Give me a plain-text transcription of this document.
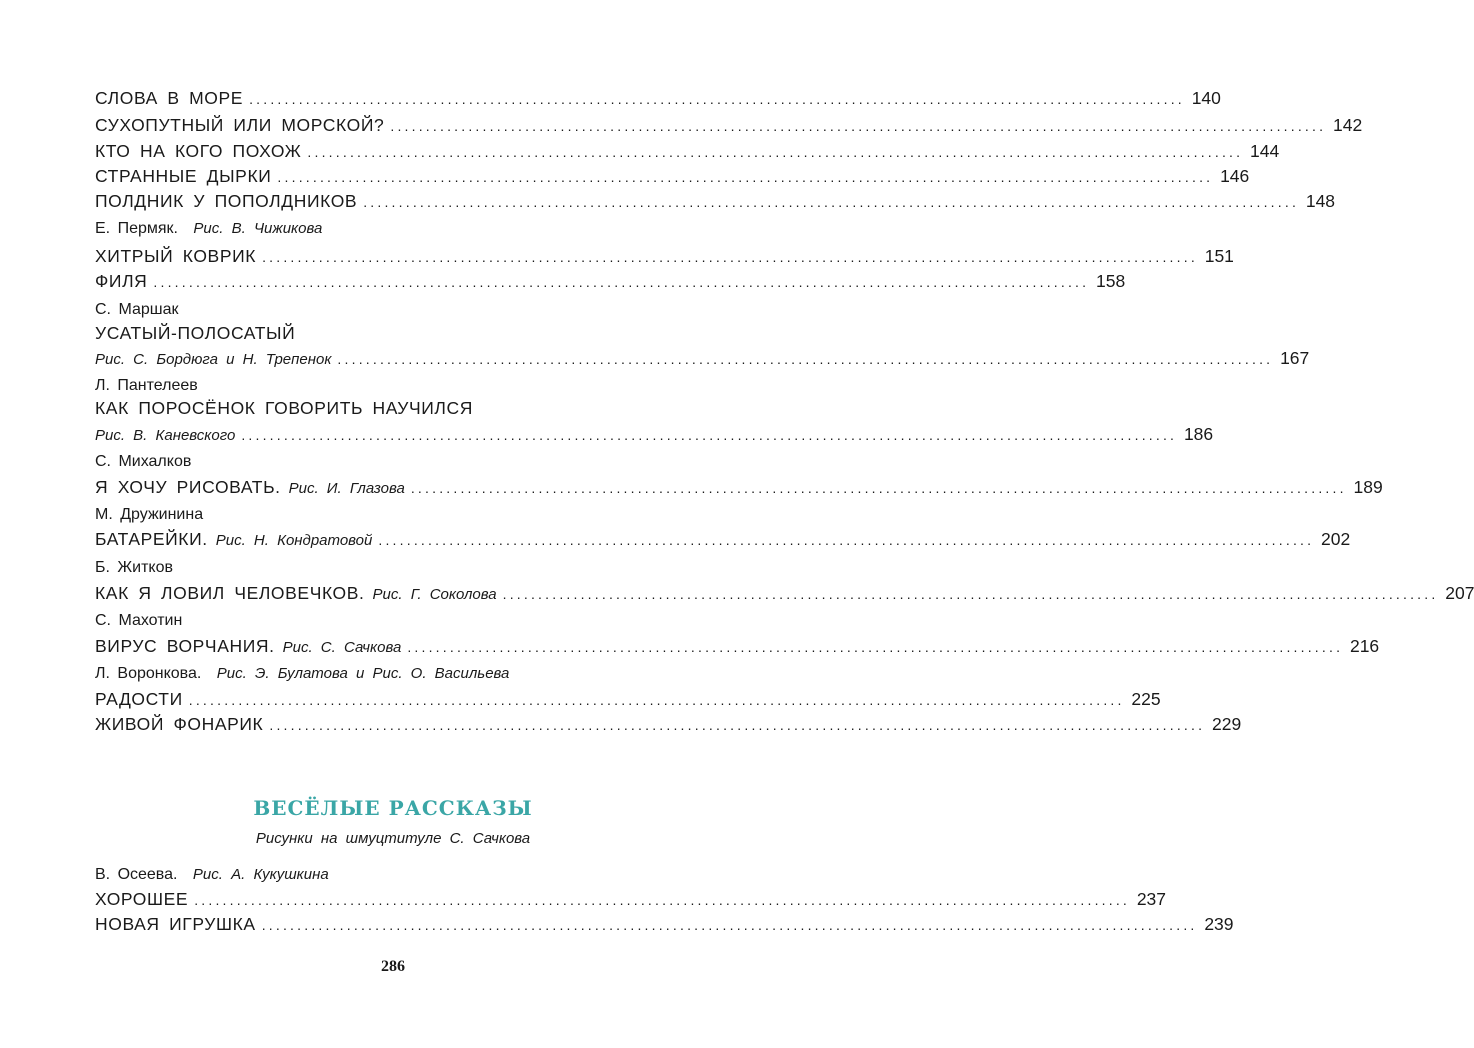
СЛОВА В МОРЕ .................................................................................................................................... 140
СУХОПУТНЫЙ ИЛИ МОРСКОЙ? .................................................................................................................................... 142
КТО НА КОГО ПОХОЖ .................................................................................................................................... 144
СТРАННЫЕ ДЫРКИ .................................................................................................................................... 146
ПОЛДНИК У ПОПОЛДНИКОВ .................................................................................................................................... 148
Е. Пермяк. Рис. В. Чижикова
ХИТРЫЙ КОВРИК .................................................................................................................................... 151
ФИЛЯ .................................................................................................................................... 158
С. Маршак
УСАТЫЙ-ПОЛОСАТЫЙ
Рис. С. Бордюга и Н. Трепенок .................................................................................................................................... 167
Л. Пантелеев
КАК ПОРОСЁНОК ГОВОРИТЬ НАУЧИЛСЯ
Рис. В. Каневского .................................................................................................................................... 186
С. Михалков
Я ХОЧУ РИСОВАТЬ. Рис. И. Глазова .................................................................................................................................... 189
М. Дружинина
БАТАРЕЙКИ. Рис. Н. Кондратовой .................................................................................................................................... 202
Б. Житков
КАК Я ЛОВИЛ ЧЕЛОВЕЧКОВ. Рис. Г. Соколова .................................................................................................................................... 207
С. Махотин
ВИРУС ВОРЧАНИЯ. Рис. С. Сачкова .................................................................................................................................... 216
Л. Воронкова. Рис. Э. Булатова и Рис. О. Васильева
РАДОСТИ .................................................................................................................................... 225
ЖИВОЙ ФОНАРИК .................................................................................................................................... 229
В. Осеева. Рис. А. Кукушкина
ХОРОШЕЕ .................................................................................................................................... 237
НОВАЯ ИГРУШКА .................................................................................................................................... 239
ВЕСЁЛЫЕ РАССКАЗЫ
Рисунки на шмуцтитуле С. Сачкова
286
